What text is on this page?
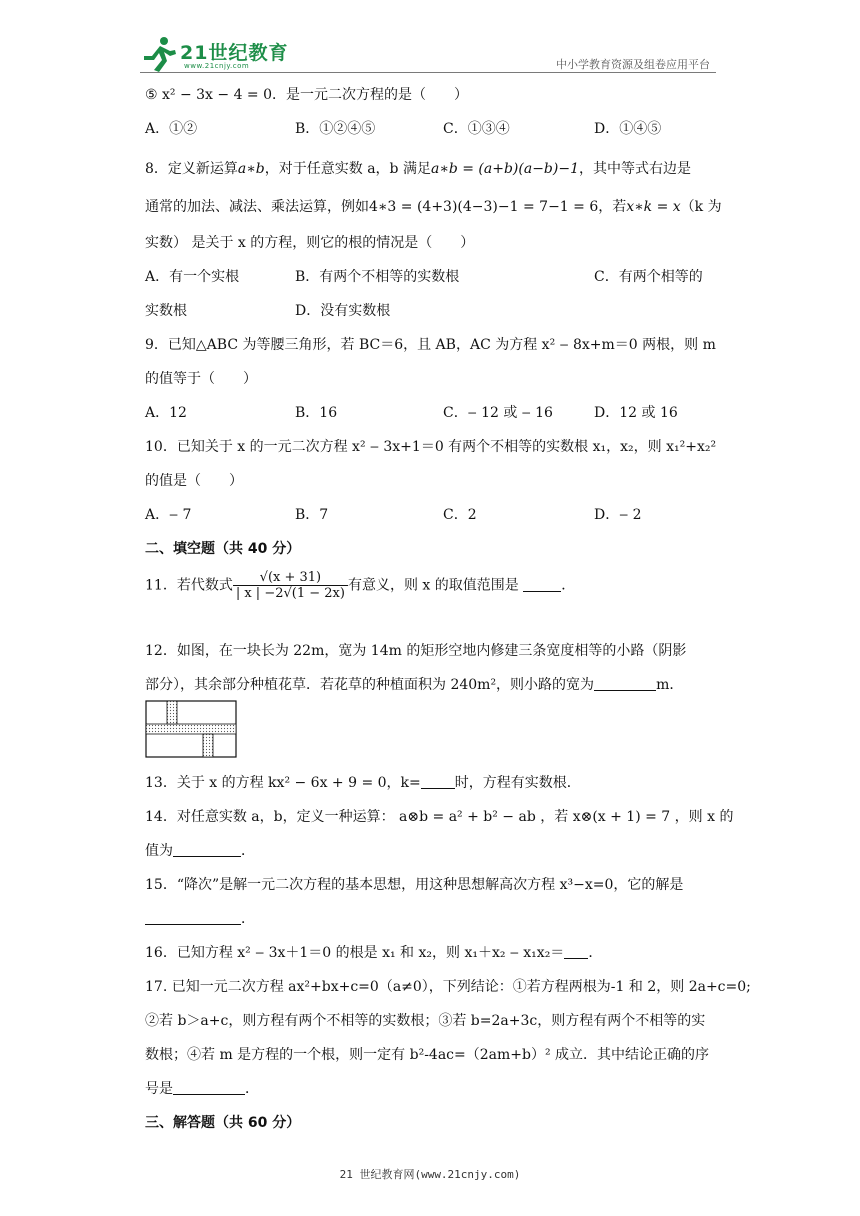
21世纪教育
www.21cnjy.com	中小学教育资源及组卷应用平台
⑤ x² − 3x − 4 = 0．是一元二次方程的是（　　）
A．①②	B．①②④⑤	C．①③④	D．①④⑤
8．定义新运算a∗b，对于任意实数 a，b 满足a∗b = (a+b)(a−b)−1，其中等式右边是
通常的加法、减法、乘法运算，例如4∗3 = (4+3)(4−3)−1 = 7−1 = 6，若x∗k = x（k 为
实数） 是关于 x 的方程，则它的根的情况是（　　）
A．有一个实根	B．有两个不相等的实数根	C．有两个相等的
实数根	D．没有实数根
9．已知△ABC 为等腰三角形，若 BC＝6，且 AB，AC 为方程 x² ‒ 8x+m＝0 两根，则 m
的值等于（　　）
A．12	B．16	C．‒ 12 或 ‒ 16	D．12 或 16
10．已知关于 x 的一元二次方程 x² ‒ 3x+1＝0 有两个不相等的实数根 x₁，x₂，则 x₁²+x₂²
的值是（　　）
A．‒ 7	B．7	C．2	D．‒ 2
二、填空题（共 40 分）
11．若代数式 $\frac{√(x + 31)}{| x | -2√(1 - 2x)}$ 有意义，则 x 的取值范围是	．
12．如图，在一块长为 22m，宽为 14m 的矩形空地内修建三条宽度相等的小路（阴影
部分），其余部分种植花草．若花草的种植面积为 240m²，则小路的宽为	m．
13．关于 x 的方程 kx² − 6x + 9 = 0，k= 时，方程有实数根．
14．对任意实数 a，b，定义一种运算： a⊗b = a² + b² − ab ，若 x⊗(x + 1) = 7 ，则 x 的
值为	．
15．“降次”是解一元二次方程的基本思想，用这种思想解高次方程 x³−x=0，它的解是
．
16．已知方程 x² ‒ 3x＋1＝0 的根是 x₁ 和 x₂，则 x₁＋x₂ ‒ x₁x₂＝ ．
17. 已知一元二次方程 ax²+bx+c=0（a≠0），下列结论：①若方程两根为-1 和 2，则 2a+c=0;
②若 b＞a+c，则方程有两个不相等的实数根；③若 b=2a+3c，则方程有两个不相等的实
数根；④若 m 是方程的一个根，则一定有 b²-4ac=（2am+b）² 成立．其中结论正确的序
号是	．
三、解答题（共 60 分）
21 世纪教育网(www.21cnjy.com)
